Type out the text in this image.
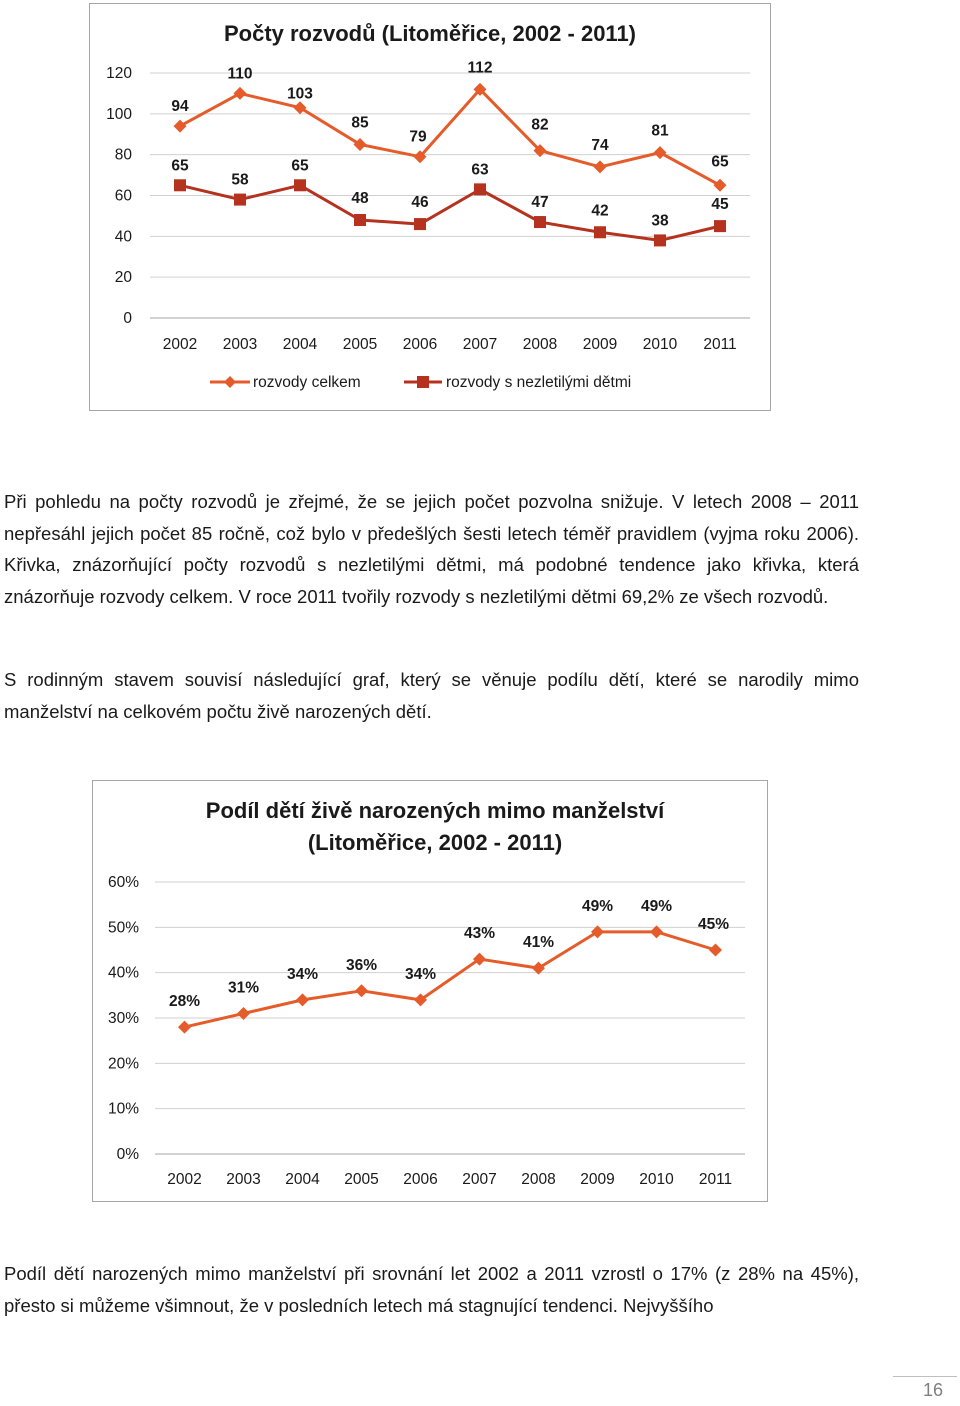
Počty rozvodů (Litoměřice, 2002 - 2011)
0
20
40
60
80
100
120
2002 2003 2004 2005 2006 2007 2008 2009 2010 2011
94
110
103
85
79
112
82
74
81
65
65
58
65
48	46
63
47	42
38
45
rozvody celkem	rozvody s nezletilými dětmi
Při pohledu na počty rozvodů je zřejmé, že se jejich počet pozvolna snižuje. V letech 2008 – 2011 nepřesáhl jejich počet 85 ročně, což bylo v předešlých šesti letech téměř pravidlem (vyjma roku 2006). Křivka, znázorňující počty rozvodů s nezletilými dětmi, má podobné tendence jako křivka, která znázorňuje rozvody celkem. V roce 2011 tvořily rozvody s nezletilými dětmi 69,2% ze všech rozvodů.
S rodinným stavem souvisí následující graf, který se věnuje podílu dětí, které se narodily mimo manželství na celkovém počtu živě narozených dětí.
Podíl dětí živě narozených mimo manželství (Litoměřice, 2002 - 2011)
0%
10%
20%
30%
40%
50%
60%
2002 2003 2004 2005 2006 2007 2008 2009 2010 2011
28%
31%
34%
36%
34%
43%
41%
49% 49%
45%
Podíl dětí narozených mimo manželství při srovnání let 2002 a 2011 vzrostl o 17% (z 28% na 45%), přesto si můžeme všimnout, že v posledních letech má stagnující tendenci. Nejvyššího
16
